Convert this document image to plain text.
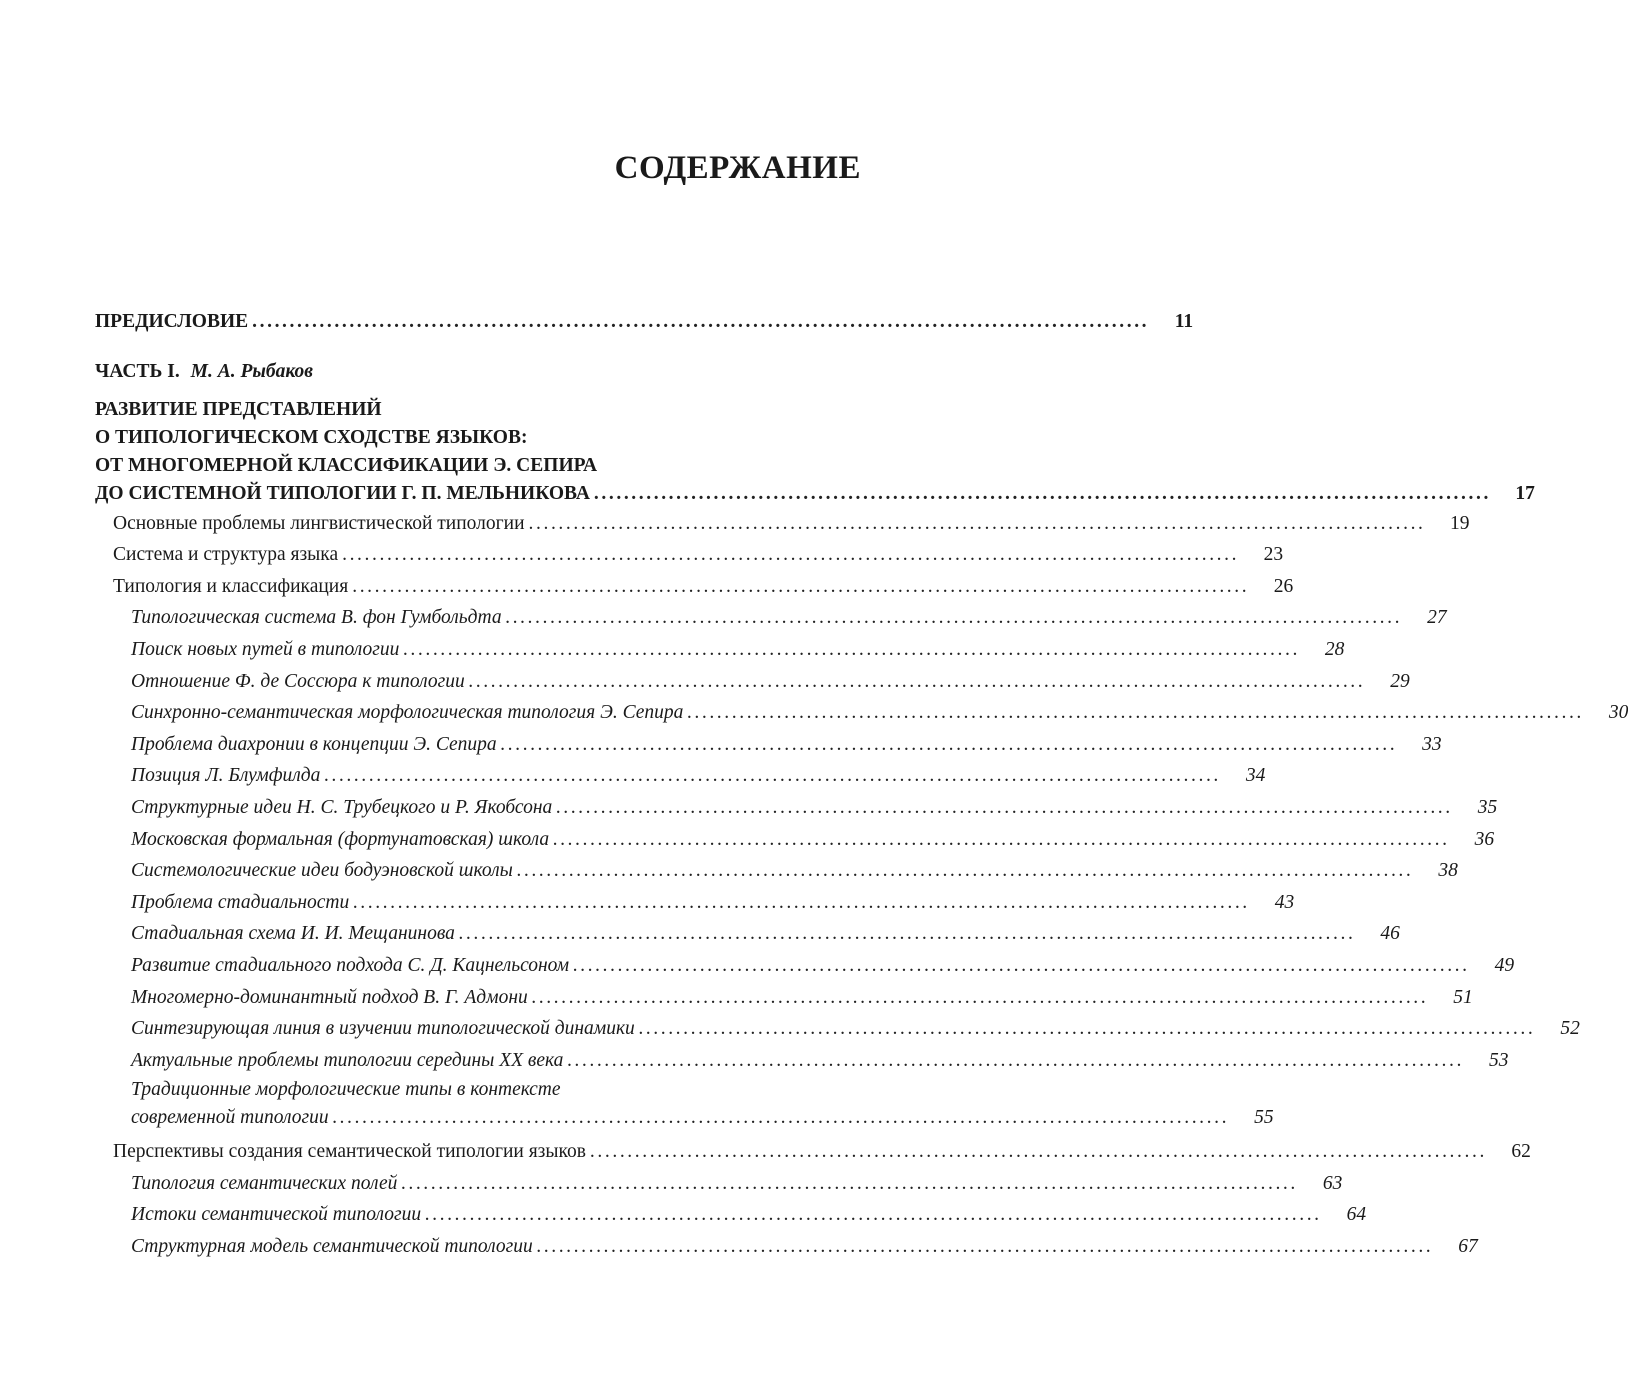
СОДЕРЖАНИЕ
ПРЕДИСЛОВИЕ ........................................................................................................................	11
ЧАСТЬ I. М. А. Рыбаков
РАЗВИТИЕ ПРЕДСТАВЛЕНИЙ
О ТИПОЛОГИЧЕСКОМ СХОДСТВЕ ЯЗЫКОВ:
ОТ МНОГОМЕРНОЙ КЛАССИФИКАЦИИ Э. СЕПИРА
ДО СИСТЕМНОЙ ТИПОЛОГИИ Г. П. МЕЛЬНИКОВА ........................................................................................................................	17
Основные проблемы лингвистической типологии ........................................................................................................................	19
Система и структура языка ........................................................................................................................	23
Типология и классификация ........................................................................................................................	26
Типологическая система В. фон Гумбольдта ........................................................................................................................	27
Поиск новых путей в типологии ........................................................................................................................	28
Отношение Ф. де Соссюра к типологии ........................................................................................................................	29
Синхронно-семантическая морфологическая типология Э. Сепира ........................................................................................................................	30
Проблема диахронии в концепции Э. Сепира ........................................................................................................................	33
Позиция Л. Блумфилда ........................................................................................................................	34
Структурные идеи Н. С. Трубецкого и Р. Якобсона ........................................................................................................................	35
Московская формальная (фортунатовская) школа ........................................................................................................................	36
Системологические идеи бодуэновской школы ........................................................................................................................	38
Проблема стадиальности ........................................................................................................................	43
Стадиальная схема И. И. Мещанинова ........................................................................................................................	46
Развитие стадиального подхода С. Д. Кацнельсоном ........................................................................................................................	49
Многомерно-доминантный подход В. Г. Адмони ........................................................................................................................	51
Синтезирующая линия в изучении типологической динамики ........................................................................................................................	52
Актуальные проблемы типологии середины XX века ........................................................................................................................	53
Традиционные морфологические типы в контексте
современной типологии ........................................................................................................................	55
Перспективы создания семантической типологии языков ........................................................................................................................	62
Типология семантических полей ........................................................................................................................	63
Истоки семантической типологии ........................................................................................................................	64
Структурная модель семантической типологии ........................................................................................................................	67
